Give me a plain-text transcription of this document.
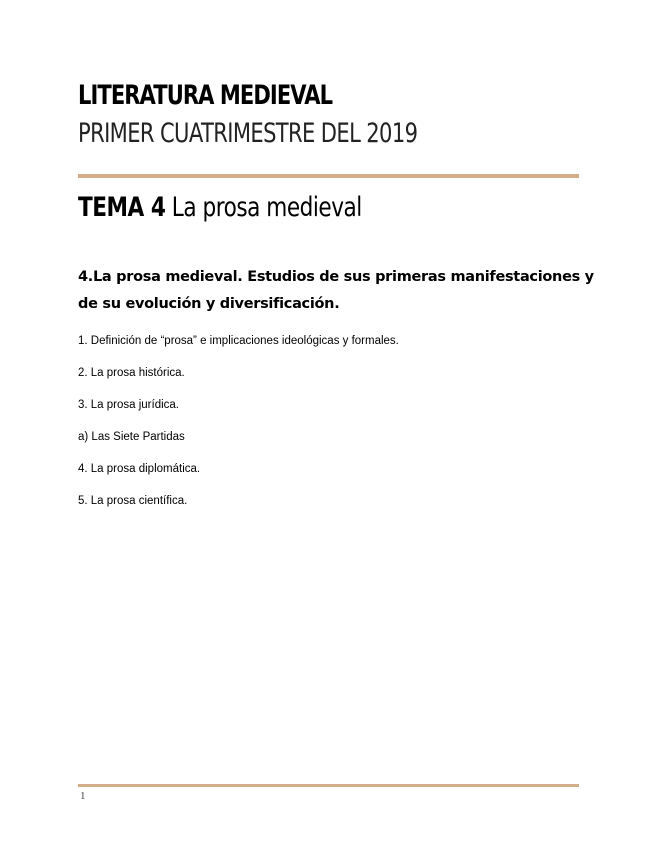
LITERATURA MEDIEVAL
PRIMER CUATRIMESTRE DEL 2019
TEMA 4 La prosa medieval

4.La prosa medieval. Estudios de sus primeras manifestaciones y de su evolución y diversificación.

1. Definición de “prosa” e implicaciones ideológicas y formales.
2. La prosa histórica.
3. La prosa jurídica.
a) Las Siete Partidas
4. La prosa diplomática.
5. La prosa científica.
1
